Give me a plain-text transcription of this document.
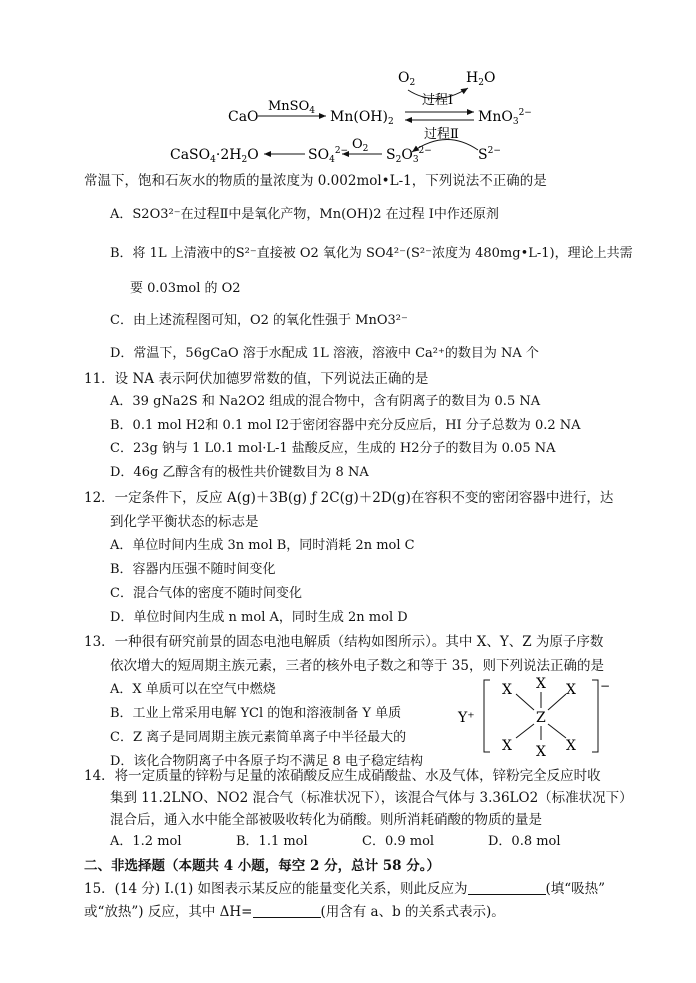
$O_2$	$H_2O$
过程Ⅰ
CaO
MnSO$_4$ $Mn(OH)_2$	MnO$_3^{2-}$
过程Ⅱ
$CaSO_4\cdot 2H_2O$	$SO_4^{2-}$ $O_2$ $S_2O_3^{2-}$	$S^{2-}$
常温下，饱和石灰水的物质的量浓度为 0.002mol•L-1，下列说法不正确的是
A．S2O3²⁻在过程Ⅱ中是氧化产物，Mn(OH)2 在过程 Ⅰ中作还原剂
B．将 1L 上清液中的S²⁻直接被 O2 氧化为 SO4²⁻(S²⁻浓度为 480mg•L-1)，理论上共需
要 0.03mol 的 O2
C．由上述流程图可知，O2 的氧化性强于 MnO3²⁻
D．常温下，56gCaO 溶于水配成 1L 溶液，溶液中 Ca²⁺的数目为 NA 个
11．设 NA 表示阿伏加德罗常数的值，下列说法正确的是
A．39 gNa2S 和 Na2O2 组成的混合物中，含有阴离子的数目为 0.5 NA
B．0.1 mol H2和 0.1 mol I2于密闭容器中充分反应后，HI 分子总数为 0.2 NA
C．23g 钠与 1 L0.1 mol·L-1 盐酸反应，生成的 H2分子的数目为 0.05 NA
D．46g 乙醇含有的极性共价键数目为 8 NA
12．一定条件下，反应 A(g)＋3B(g) ƒ 2C(g)＋2D(g)在容积不变的密闭容器中进行，达
到化学平衡状态的标志是
A．单位时间内生成 3n mol B，同时消耗 2n mol C
B．容器内压强不随时间变化
C．混合气体的密度不随时间变化
D．单位时间内生成 n mol A，同时生成 2n mol D
13．一种很有研究前景的固态电池电解质（结构如图所示）。其中 X、Y、Z 为原子序数
依次增大的短周期主族元素，三者的核外电子数之和等于 35，则下列说法正确的是
A．X 单质可以在空气中燃烧
B．工业上常采用电解 YCl 的饱和溶液制备 Y 单质
C．Z 离子是同周期主族元素简单离子中半径最大的
D．该化合物阴离子中各原子均不满足 8 电子稳定结构
Y⁺
−
X
X	X
Z
X	X
X
14．将一定质量的锌粉与足量的浓硝酸反应生成硝酸盐、水及气体，锌粉完全反应时收
集到 11.2LNO、NO2 混合气（标准状况下），该混合气体与 3.36LO2（标准状况下）
混合后，通入水中能全部被吸收转化为硝酸。则所消耗硝酸的物质的量是
A．1.2 mol	B．1.1 mol	C．0.9 mol	D．0.8 mol
二、非选择题（本题共 4 小题，每空 2 分，总计 58 分。）
15．(14 分) Ⅰ.(1) 如图表示某反应的能量变化关系，则此反应为	(填“吸热”
或“放热”) 反应，其中 ΔH=	(用含有 a、b 的关系式表示)。
